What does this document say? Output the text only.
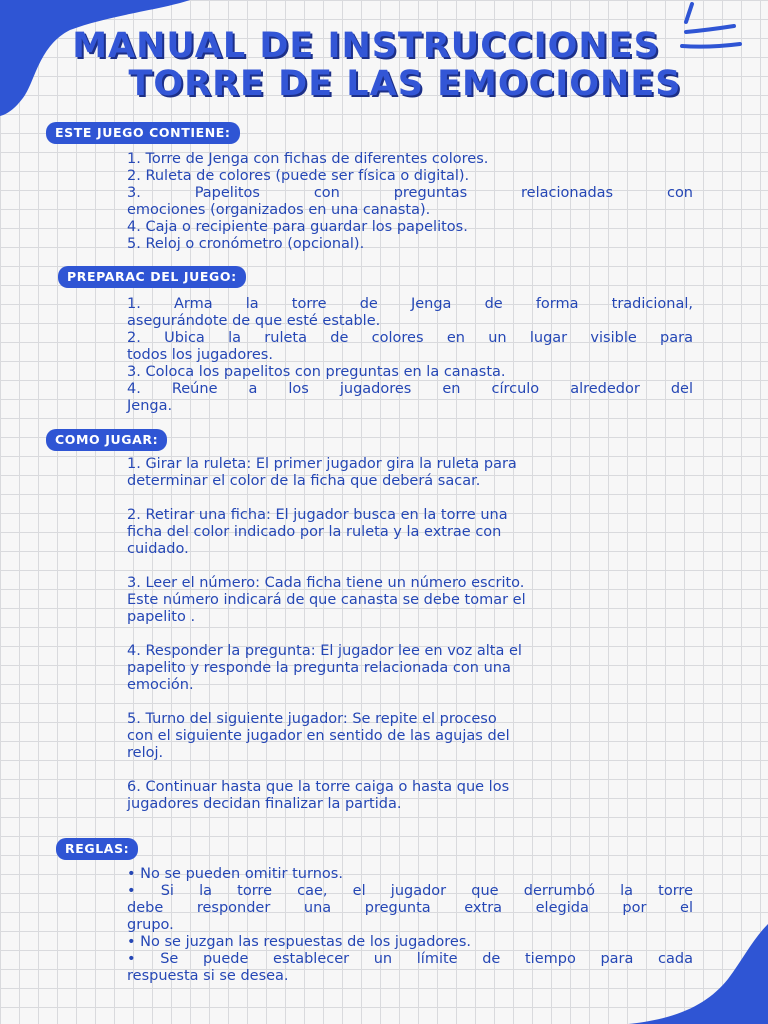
MANUAL DE INSTRUCCIONES
TORRE DE LAS EMOCIONES
ESTE JUEGO CONTIENE:
1. Torre de Jenga con fichas de diferentes colores.
2. Ruleta de colores (puede ser física o digital).
3. Papelitos con preguntas relacionadas con
emociones (organizados en una canasta).
4. Caja o recipiente para guardar los papelitos.
5. Reloj o cronómetro (opcional).
PREPARAC DEL JUEGO:
1. Arma la torre de Jenga de forma tradicional,
asegurándote de que esté estable.
2. Ubica la ruleta de colores en un lugar visible para
todos los jugadores.
3. Coloca los papelitos con preguntas en la canasta.
4. Reúne a los jugadores en círculo alrededor del
Jenga.
COMO JUGAR:
1. Girar la ruleta: El primer jugador gira la ruleta para
determinar el color de la ficha que deberá sacar.
2. Retirar una ficha: El jugador busca en la torre una
ficha del color indicado por la ruleta y la extrae con
cuidado.
3. Leer el número: Cada ficha tiene un número escrito.
Este número indicará de que canasta se debe tomar el
papelito .
4. Responder la pregunta: El jugador lee en voz alta el
papelito y responde la pregunta relacionada con una
emoción.
5. Turno del siguiente jugador: Se repite el proceso
con el siguiente jugador en sentido de las agujas del
reloj.
6. Continuar hasta que la torre caiga o hasta que los
jugadores decidan finalizar la partida.
REGLAS:
• No se pueden omitir turnos.
• Si la torre cae, el jugador que derrumbó la torre
debe responder una pregunta extra elegida por el
grupo.
• No se juzgan las respuestas de los jugadores.
• Se puede establecer un límite de tiempo para cada
respuesta si se desea.
